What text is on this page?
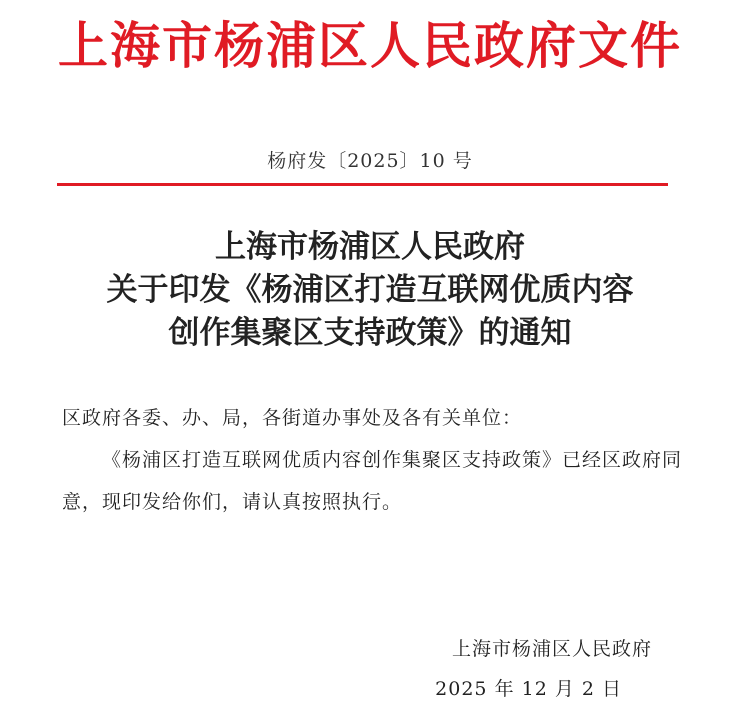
上海市杨浦区人民政府文件
杨府发〔2025〕10 号
上海市杨浦区人民政府
关于印发《杨浦区打造互联网优质内容
创作集聚区支持政策》的通知
区政府各委、办、局，各街道办事处及各有关单位：
《杨浦区打造互联网优质内容创作集聚区支持政策》已经区政府同意，现印发给你们，请认真按照执行。
上海市杨浦区人民政府
2025 年 12 月 2 日
